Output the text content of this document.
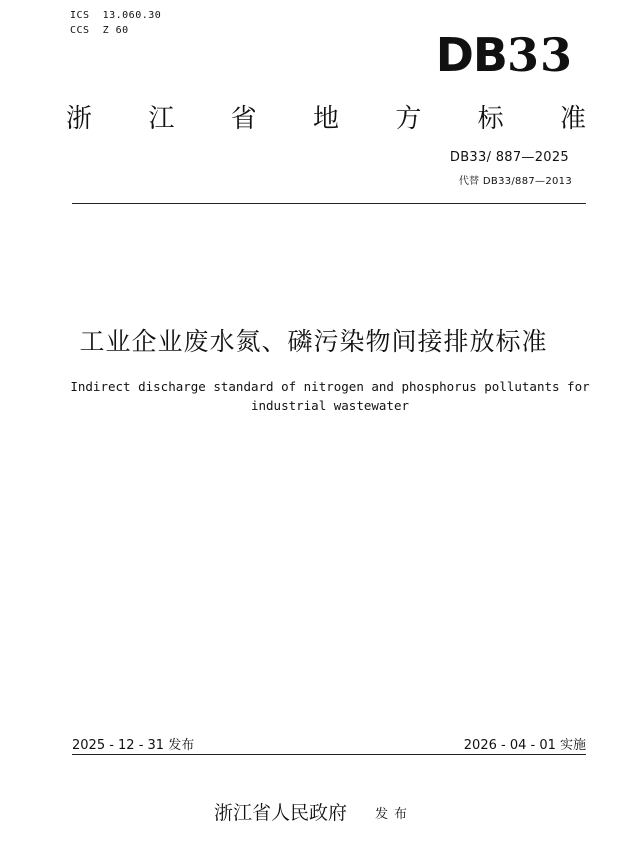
ICS  13.060.30
CCS  Z 60	DB33
浙 江 省 地 方 标 准
DB33/ 887—2025
代替 DB33/887—2013
工业企业废水氮、磷污染物间接排放标准
Indirect discharge standard of nitrogen and phosphorus pollutants for
industrial wastewater
2025 - 12 - 31 发布	2026 - 04 - 01 实施
浙江省人民政府 发布
